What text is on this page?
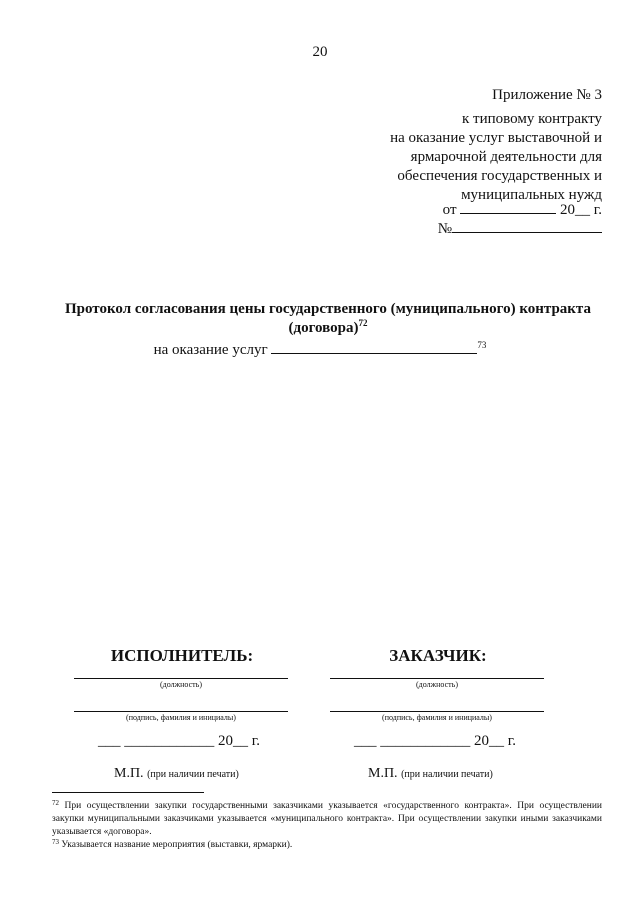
20
Приложение № 3
к типовому контракту
на оказание услуг выставочной и
ярмарочной деятельности для
обеспечения государственных и
муниципальных нужд
от	20__ г.
№
Протокол согласования цены государственного (муниципального) контракта
(договора)$^{72}$
на оказание услуг	$^{73}$
ИСПОЛНИТЕЛЬ:
(должность)
(подпись, фамилия и инициалы)
___ ____________ 20__ г.
М.П. (при наличии печати)
ЗАКАЗЧИК:
(должность)
(подпись, фамилия и инициалы)
___ ____________ 20__ г.
М.П. (при наличии печати)
$^{72}$ При осуществлении закупки государственными заказчиками указывается «государственного контракта». При осуществлении закупки муниципальными заказчиками указывается «муниципального контракта». При осуществлении закупки иными заказчиками указывается «договора».
$^{73}$ Указывается название мероприятия (выставки, ярмарки).
